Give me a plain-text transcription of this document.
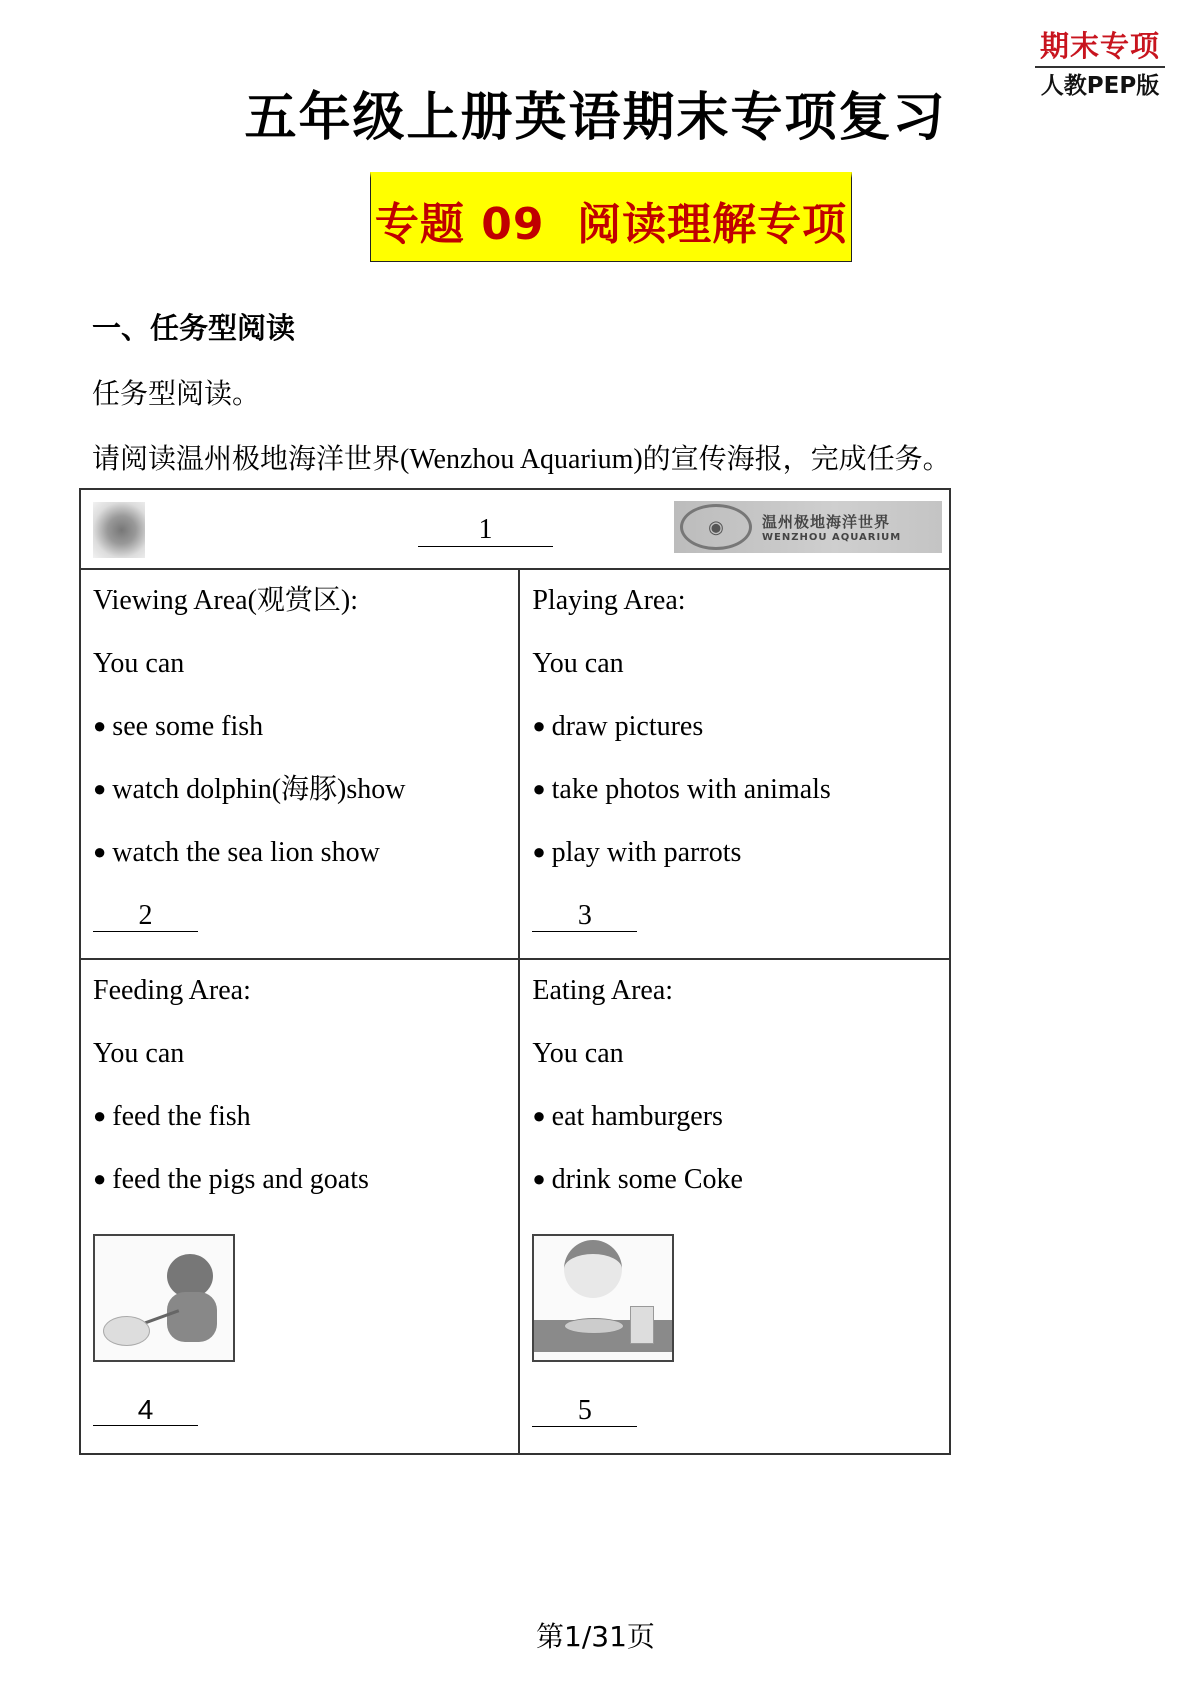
期末专项
人教PEP版
五年级上册英语期末专项复习
专题 09  阅读理解专项
一、任务型阅读
任务型阅读。
请阅读温州极地海洋世界(Wenzhou Aquarium)的宣传海报，完成任务。
1 ◉ 温州极地海洋世界
WENZHOU AQUARIUM	

Viewing Area(观赏区):
You can
● see some fish
● watch dolphin(海豚)show
● watch the sea lion show
2

Playing Area:
You can
● draw pictures
● take photos with animals
● play with parrots
3

Feeding Area:
You can
● feed the fish
● feed the pigs and goats
4

Eating Area:
You can
● eat hamburgers
● drink some Coke
5
第1/31页
